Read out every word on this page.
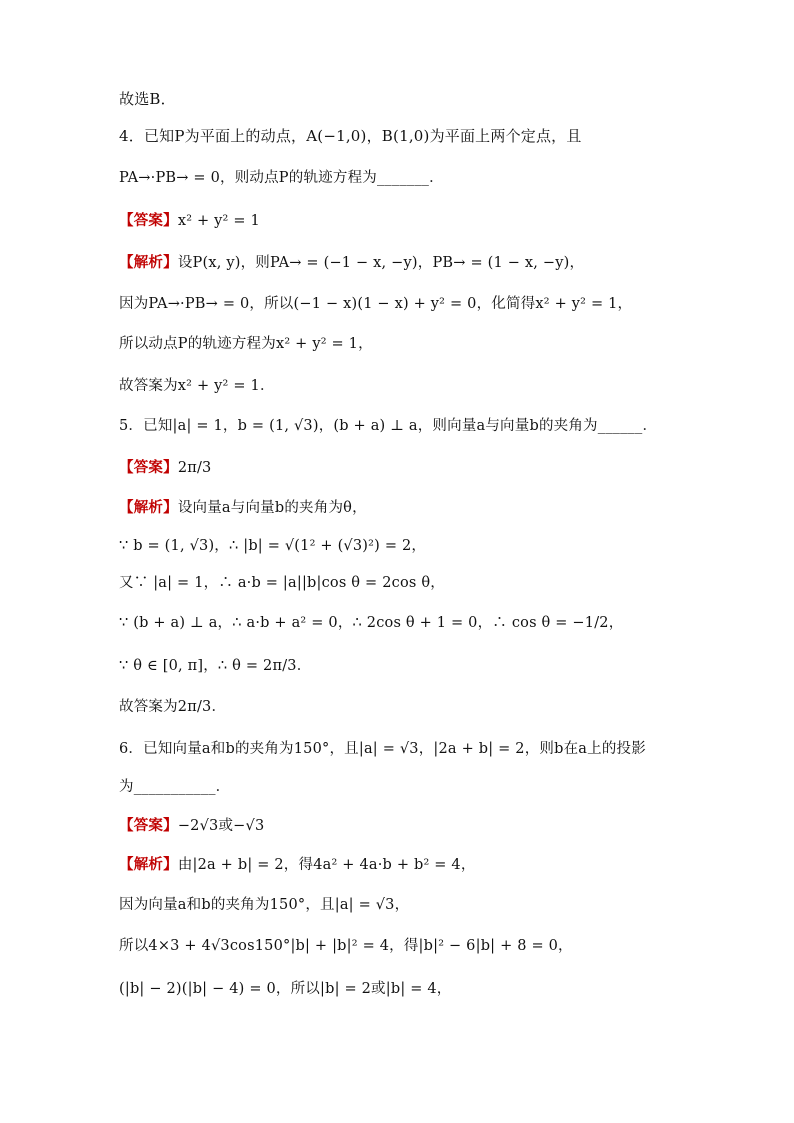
故选B．
4．已知P为平面上的动点，A(−1,0)，B(1,0)为平面上两个定点，且
PA→·PB→ = 0，则动点P的轨迹方程为_______．
【答案】x² + y² = 1
【解析】设P(x, y)，则PA→ = (−1 − x, −y)，PB→ = (1 − x, −y)，
因为PA→·PB→ = 0，所以(−1 − x)(1 − x) + y² = 0，化简得x² + y² = 1，
所以动点P的轨迹方程为x² + y² = 1，
故答案为x² + y² = 1．
5．已知|a| = 1，b = (1, √3)，(b + a) ⊥ a，则向量a与向量b的夹角为______．
【答案】2π/3
【解析】设向量a与向量b的夹角为θ，
∵ b = (1, √3)，∴ |b| = √(1² + (√3)²) = 2，
又∵ |a| = 1，∴ a·b = |a||b|cos θ = 2cos θ，
∵ (b + a) ⊥ a，∴ a·b + a² = 0，∴ 2cos θ + 1 = 0，∴ cos θ = −1/2，
∵ θ ∈ [0, π]，∴ θ = 2π/3．
故答案为2π/3．
6．已知向量a和b的夹角为150°，且|a| = √3，|2a + b| = 2，则b在a上的投影
为___________．
【答案】−2√3或−√3
【解析】由|2a + b| = 2，得4a² + 4a·b + b² = 4，
因为向量a和b的夹角为150°，且|a| = √3，
所以4×3 + 4√3cos150°|b| + |b|² = 4，得|b|² − 6|b| + 8 = 0，
(|b| − 2)(|b| − 4) = 0，所以|b| = 2或|b| = 4，
